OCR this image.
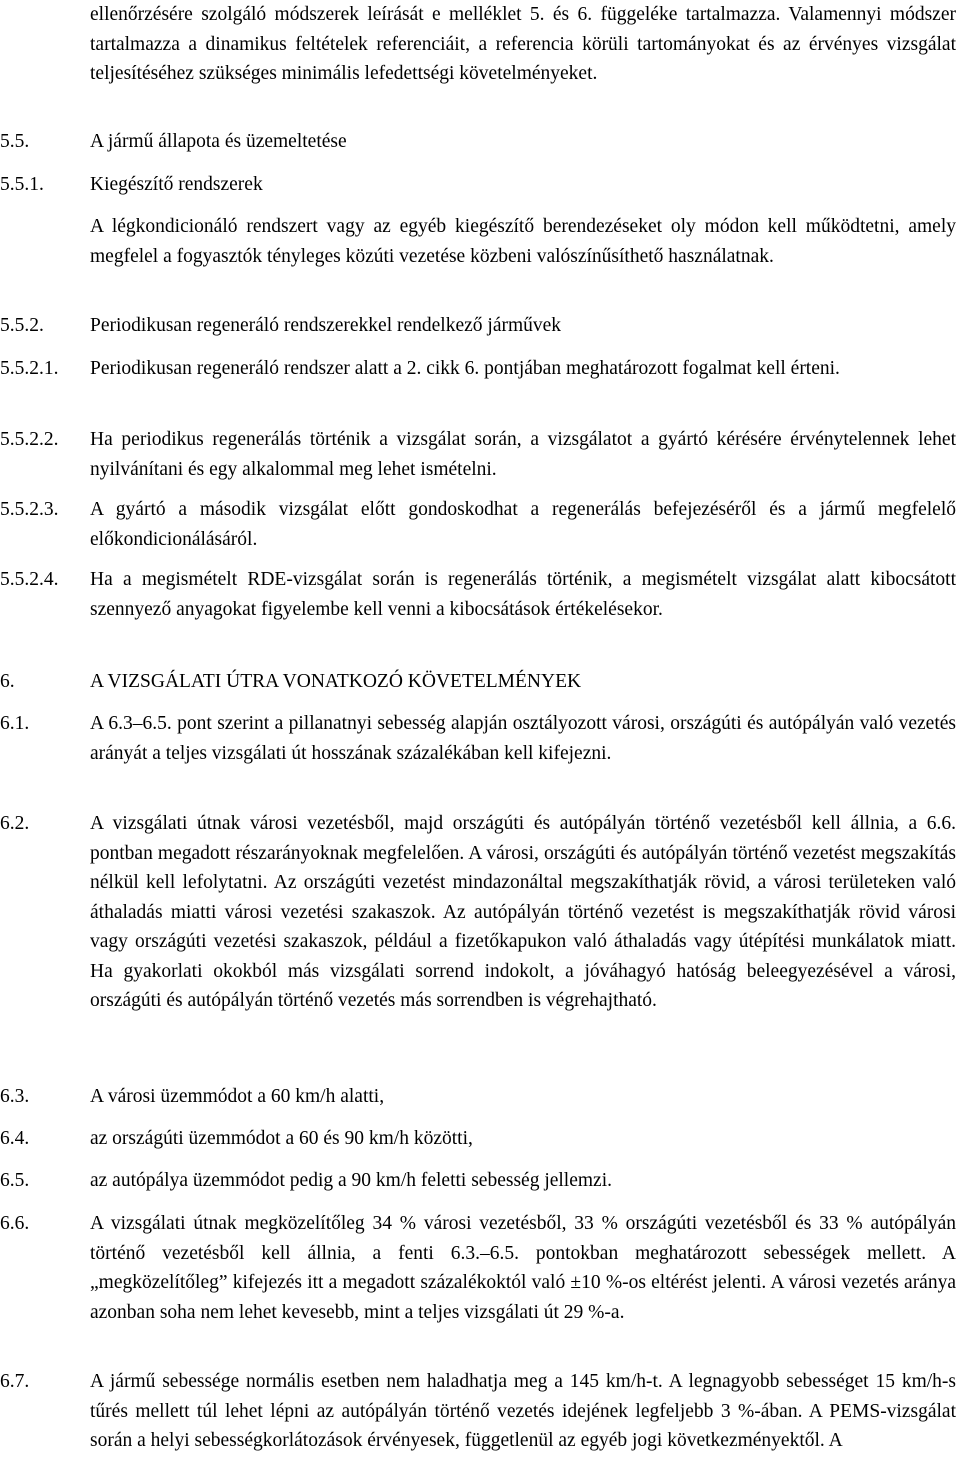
ellenőrzésére szolgáló módszerek leírását e melléklet 5. és 6. függeléke tartalmazza. Valamennyi módszer tartalmazza a dinamikus feltételek referenciáit, a referencia körüli tartományokat és az érvényes vizsgálat teljesítéséhez szükséges minimális lefedettségi követelményeket.
5.5.	A jármű állapota és üzemeltetése
5.5.1. Kiegészítő rendszerek
A légkondicionáló rendszert vagy az egyéb kiegészítő berendezéseket oly módon kell működtetni, amely megfelel a fogyasztók tényleges közúti vezetése közbeni valószínűsíthető használatnak.
5.5.2. Periodikusan regeneráló rendszerekkel rendelkező járművek
5.5.2.1. Periodikusan regeneráló rendszer alatt a 2. cikk 6. pontjában meghatározott fogalmat kell érteni.
5.5.2.2. Ha periodikus regenerálás történik a vizsgálat során, a vizsgálatot a gyártó kérésére érvénytelennek lehet nyilvánítani és egy alkalommal meg lehet ismételni.
5.5.2.3. A gyártó a második vizsgálat előtt gondoskodhat a regenerálás befejezéséről és a jármű megfelelő előkondicionálásáról.
5.5.2.4. Ha a megismételt RDE-vizsgálat során is regenerálás történik, a megismételt vizsgálat alatt kibocsátott szennyező anyagokat figyelembe kell venni a kibocsátások értékelésekor.
6.	A VIZSGÁLATI ÚTRA VONATKOZÓ KÖVETELMÉNYEK
6.1.	A 6.3–6.5. pont szerint a pillanatnyi sebesség alapján osztályozott városi, országúti és autópályán való vezetés arányát a teljes vizsgálati út hosszának százalékában kell kifejezni.
6.2.	A vizsgálati útnak városi vezetésből, majd országúti és autópályán történő vezetésből kell állnia, a 6.6. pontban megadott részarányoknak megfelelően. A városi, országúti és autópályán történő vezetést megszakítás nélkül kell lefolytatni. Az országúti vezetést mindazonáltal megszakíthatják rövid, a városi területeken való áthaladás miatti városi vezetési szakaszok. Az autópályán történő vezetést is megszakíthatják rövid városi vagy országúti vezetési szakaszok, például a fizetőkapukon való áthaladás vagy útépítési munkálatok miatt. Ha gyakorlati okokból más vizsgálati sorrend indokolt, a jóváhagyó hatóság beleegyezésével a városi, országúti és autópályán történő vezetés más sorrendben is végrehajtható.
6.3.	A városi üzemmódot a 60 km/h alatti,
6.4.	az országúti üzemmódot a 60 és 90 km/h közötti,
6.5.	az autópálya üzemmódot pedig a 90 km/h feletti sebesség jellemzi.
6.6.	A vizsgálati útnak megközelítőleg 34 % városi vezetésből, 33 % országúti vezetésből és 33 % autópályán történő vezetésből kell állnia, a fenti 6.3.–6.5. pontokban meghatározott sebességek mellett. A „megközelítőleg” kifejezés itt a megadott százalékoktól való ±10 %-os eltérést jelenti. A városi vezetés aránya azonban soha nem lehet kevesebb, mint a teljes vizsgálati út 29 %-a.
6.7.	A jármű sebessége normális esetben nem haladhatja meg a 145 km/h-t. A legnagyobb sebességet 15 km/h-s tűrés mellett túl lehet lépni az autópályán történő vezetés idejének legfeljebb 3 %-ában. A PEMS-vizsgálat során a helyi sebességkorlátozások érvényesek, függetlenül az egyéb jogi következményektől. A
